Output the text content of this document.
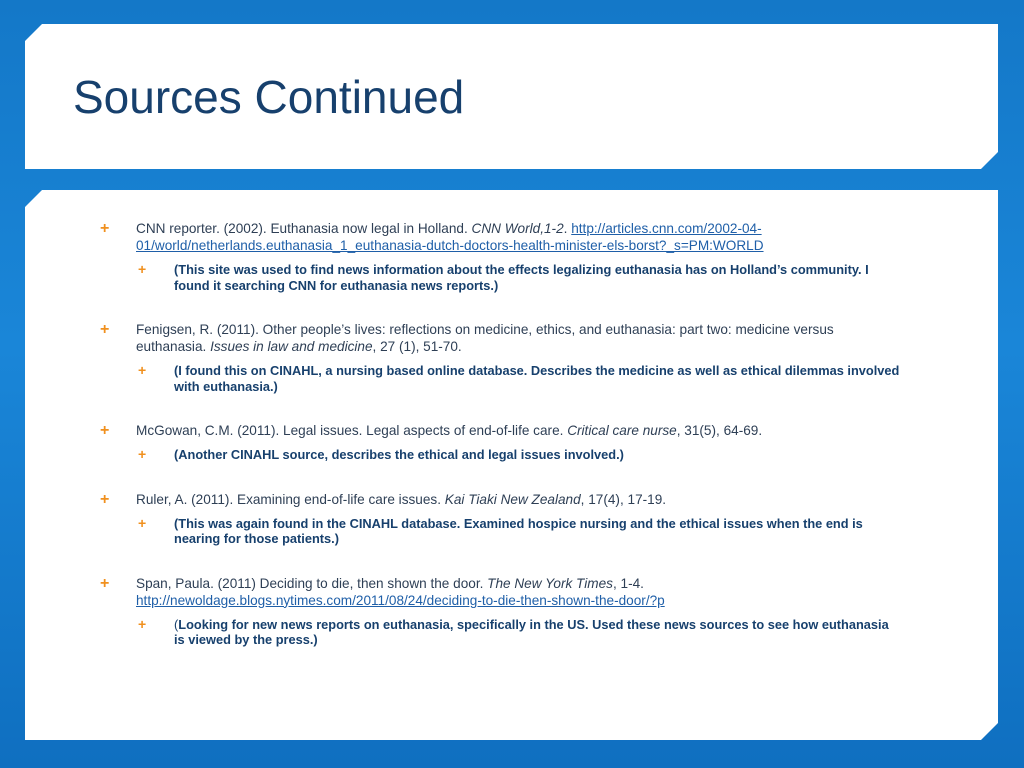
Sources Continued
+ CNN reporter. (2002). Euthanasia now legal in Holland. CNN World,1-2. http://articles.cnn.com/2002-04-01/world/netherlands.euthanasia_1_euthanasia-dutch-doctors-health-minister-els-borst?_s=PM:WORLD
+ (This site was used to find news information about the effects legalizing euthanasia has on Holland’s community. I found it searching CNN for euthanasia news reports.)
+ Fenigsen, R. (2011). Other people’s lives: reflections on medicine, ethics, and euthanasia: part two: medicine versus euthanasia. Issues in law and medicine, 27 (1), 51-70.
+ (I found this on CINAHL, a nursing based online database. Describes the medicine as well as ethical dilemmas involved with euthanasia.)
+ McGowan, C.M. (2011). Legal issues. Legal aspects of end-of-life care. Critical care nurse, 31(5), 64-69.
+ (Another CINAHL source, describes the ethical and legal issues involved.)
+ Ruler, A. (2011). Examining end-of-life care issues. Kai Tiaki New Zealand, 17(4), 17-19.
+ (This was again found in the CINAHL database. Examined hospice nursing and the ethical issues when the end is nearing for those patients.)
+ Span, Paula. (2011) Deciding to die, then shown the door. The New York Times, 1-4. http://newoldage.blogs.nytimes.com/2011/08/24/deciding-to-die-then-shown-the-door/?p
+ (Looking for new news reports on euthanasia, specifically in the US. Used these news sources to see how euthanasia is viewed by the press.)
